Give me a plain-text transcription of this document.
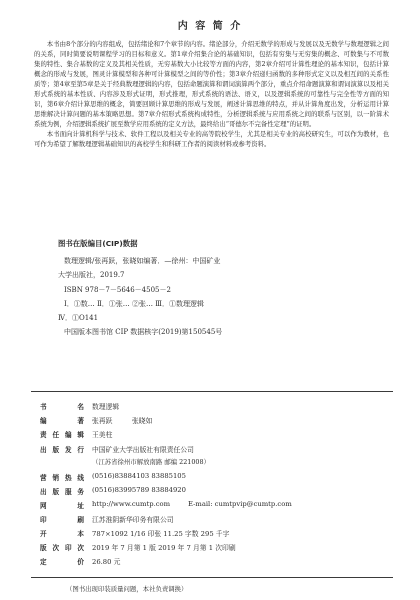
内 容 简 介

本书由8个部分的内容组成，包括绪论和7个章节的内容。绪论部分，介绍无数学的形成与发展以及无数学与数理逻辑之间的关系，同时简要说明课程学习的目标和意义。第1章介绍集合论的基础知识，包括有穷集与无穷集的概念、可数集与不可数集的特性、集合基数的定义及其相关性质，无穷基数大小比较等方面的内容，第2章介绍可计算性理论的基本知识，包括计算概念的形成与发展，图灵计算模型和各种可计算模型之间的等价性；第3章介绍递归函数的多种形式定义以及相互间的关系性质等；第4章至第5章是关于经典数理逻辑的内容，包括命题演算和谓词演算两个部分，重点介绍命题演算和谓词演算以及相关形式系统的基本性质、内容涉及形式证明，形式推理，形式系统的语法、语义，以及逻辑系统的可靠性与完全性等方面的知识，第6章介绍计算思维的概念，简要回顾计算思维的形成与发展，阐述计算思维的特点，并从计算角度出发，分析运用计算思维解决计算问题的基本策略思想。第7章介绍形式系统构成特性，分析逻辑系统与应用系统之间的联系与区别，以一阶算术系统为例，介绍逻辑系统扩展至数学应用系统的定义方法，最终给出“哥德尔不完备性定理”的证明。

本书面向计算机科学与技术、软件工程以及相关专业的高等院校学生，尤其是相关专业的高校研究生，可以作为教材，也可作为希望了解数理逻辑基础知识的高校学生和科研工作者的阅读材料或参考资料。

图书在版编目(CIP)数据
数理逻辑/张再跃，张晓如编著．—徐州：中国矿业
大学出版社，2019.7
ISBN 978－7－5646－4505－2
Ⅰ．①数… Ⅱ．①张… ②张… Ⅲ．①数理逻辑
Ⅳ．①O141
中国版本图书馆 CIP 数据核字(2019)第150545号
书	名 数理逻辑
编	著 张再跃	张晓如
责 任 编 辑 王美柱
出 版 发 行 中国矿业大学出版社有限责任公司
（江苏省徐州市解放南路 邮编 221008）
营 销 热 线 (0516)83884103 83885105
出 版 服 务 (0516)83995789 83884920
网	址 http://www.cumtp.com	E-mail: cumtpvip@cumtp.com
印	刷 江苏淮阴新华印务有限公司
开	本 787×1092 1/16 印张 11.25 字数 295 千字
版 次 印 次 2019 年 7 月第 1 版 2019 年 7 月第 1 次印刷
定	价 26.80 元
（图书出现印装质量问题，本社负责调换）
